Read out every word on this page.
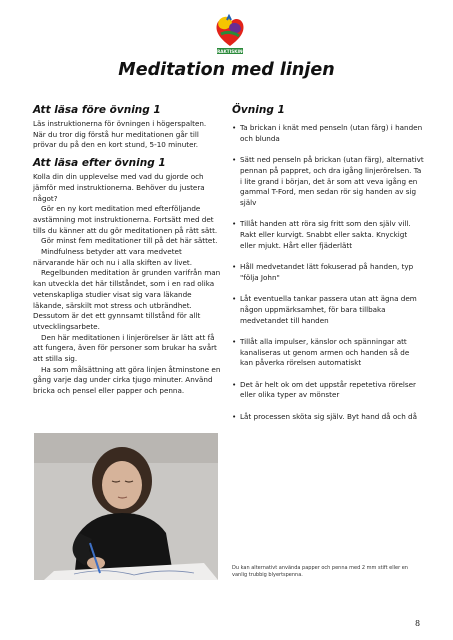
PRAKTISKING
Meditation med linjen
Att läsa före övning 1

Läs instruktionerna för övningen i högerspalten. När du tror dig förstå hur meditationen går till prövar du på den en kort stund, 5-10 minuter.

Att läsa efter övning 1

Kolla din din upplevelse med vad du gjorde och jämför med instruktionerna. Behöver du justera något?

Gör en ny kort meditation med efterföljande avstämning mot instruktionerna. Fortsätt med det tills du känner att du gör meditationen på rätt sätt.

Gör minst fem meditationer till på det här sättet.

Mindfulness betyder att vara medvetet närvarande här och nu i alla skiften av livet.

Regelbunden meditation är grunden varifrån man kan utveckla det här tillståndet, som i en rad olika vetenskapliga studier visat sig vara läkande läkande, särskilt mot stress och utbrändhet. Dessutom är det ett gynnsamt tillstånd för allt utvecklingsarbete.

Den här meditationen i linjerörelser är lätt att få att fungera, även för personer som brukar ha svårt att stilla sig.

Ha som målsättning att göra linjen åtminstone en gång varje dag under cirka tjugo minuter. Använd bricka och pensel eller papper och penna.

Övning 1
• Ta brickan i knät med penseln (utan färg) i handen och blunda
• Sätt ned penseln på brickan (utan färg), alternativt pennan på pappret, och dra igång linjerörelsen. Ta i lite grand i början, det är som att veva igång en gammal T-Ford, men sedan rör sig handen av sig själv
• Tillåt handen att röra sig fritt som den själv vill. Rakt eller kurvigt. Snabbt eller sakta. Knyckigt eller mjukt. Hårt eller fjäderlätt
• Håll medvetandet lätt fokuserad på handen, typ "följa John"
• Låt eventuella tankar passera utan att ägna dem någon uppmärksamhet, för bara tillbaka medvetandet till handen
• Tillåt alla impulser, känslor och spänningar att kanaliseras ut genom armen och handen så de kan påverka rörelsen automatiskt
• Det är helt ok om det uppstår repetetiva rörelser eller olika typer av mönster
• Låt processen sköta sig själv. Byt hand då och då
Du kan alternativt använda papper och penna med 2 mm stift eller en vanlig trubbig blyertspenna.
8
